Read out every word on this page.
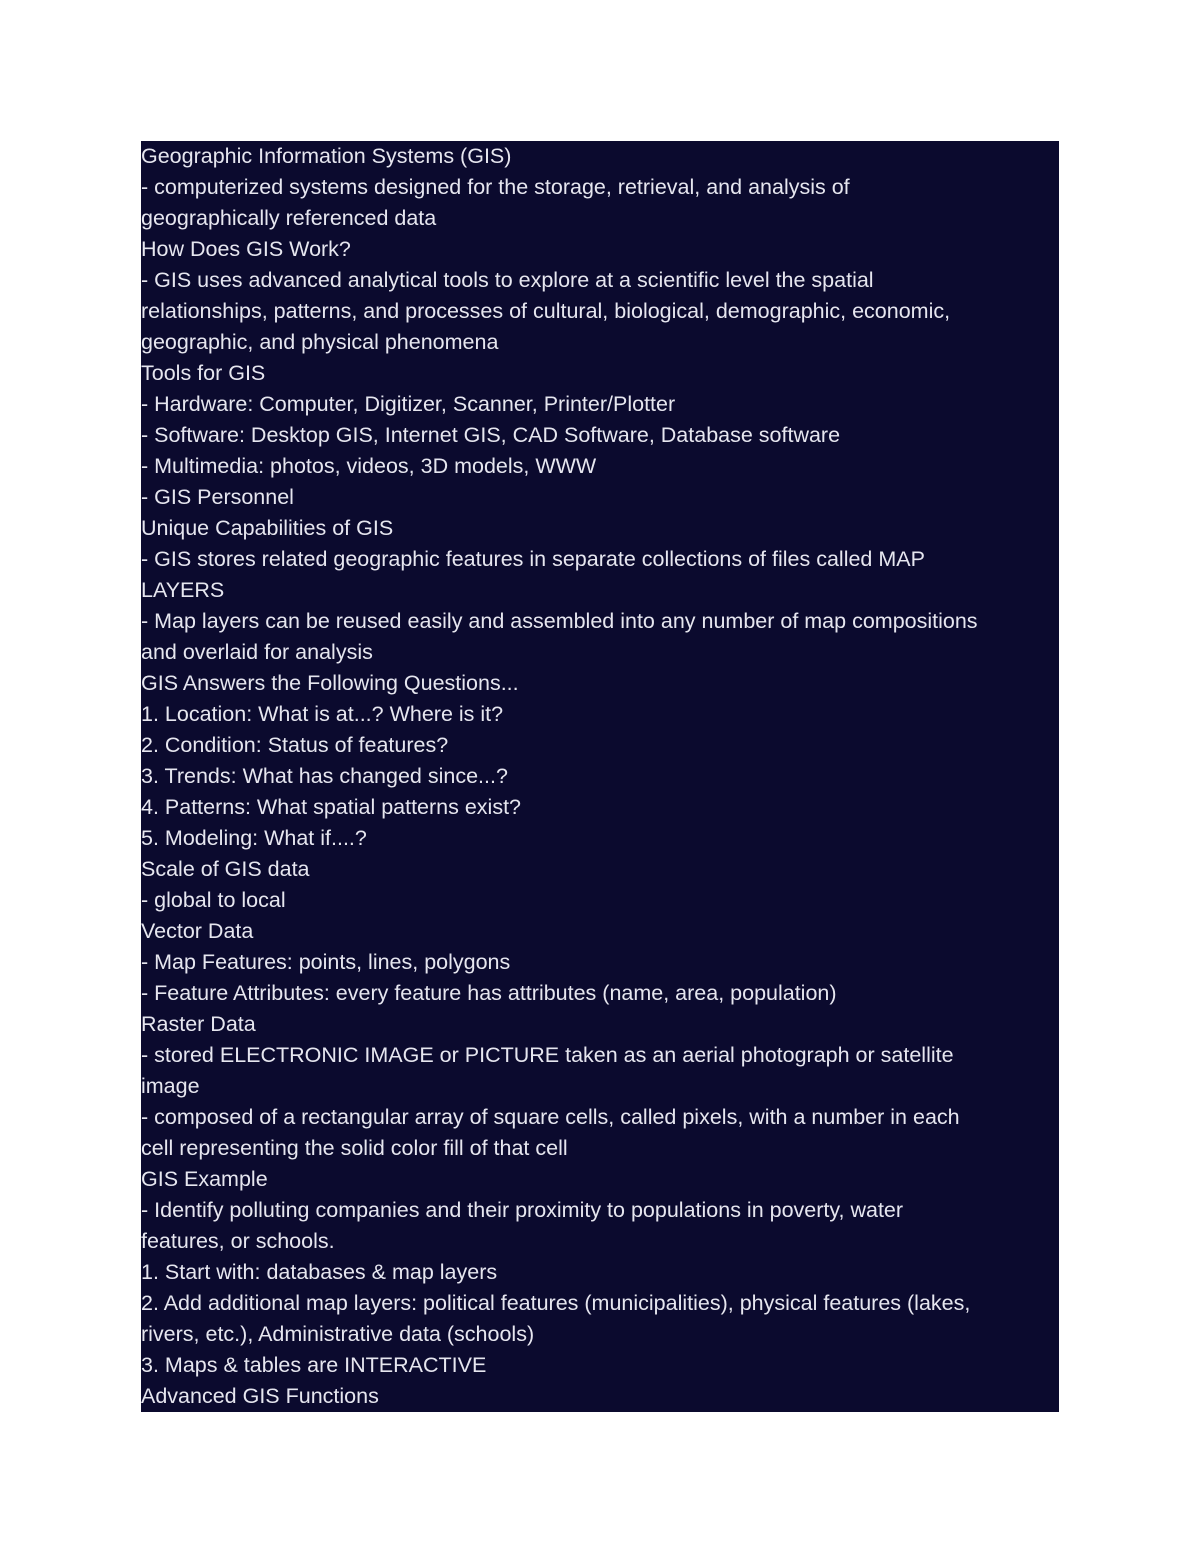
Geographic Information Systems (GIS)
- computerized systems designed for the storage, retrieval, and analysis of
geographically referenced data
How Does GIS Work?
- GIS uses advanced analytical tools to explore at a scientific level the spatial
relationships, patterns, and processes of cultural, biological, demographic, economic,
geographic, and physical phenomena
Tools for GIS
- Hardware: Computer, Digitizer, Scanner, Printer/Plotter
- Software: Desktop GIS, Internet GIS, CAD Software, Database software
- Multimedia: photos, videos, 3D models, WWW
- GIS Personnel
Unique Capabilities of GIS
- GIS stores related geographic features in separate collections of files called MAP
LAYERS
- Map layers can be reused easily and assembled into any number of map compositions
and overlaid for analysis
GIS Answers the Following Questions...
1. Location: What is at...? Where is it?
2. Condition: Status of features?
3. Trends: What has changed since...?
4. Patterns: What spatial patterns exist?
5. Modeling: What if....?
Scale of GIS data
- global to local
Vector Data
- Map Features: points, lines, polygons
- Feature Attributes: every feature has attributes (name, area, population)
Raster Data
- stored ELECTRONIC IMAGE or PICTURE taken as an aerial photograph or satellite
image
- composed of a rectangular array of square cells, called pixels, with a number in each
cell representing the solid color fill of that cell
GIS Example
- Identify polluting companies and their proximity to populations in poverty, water
features, or schools.
1. Start with: databases & map layers
2. Add additional map layers: political features (municipalities), physical features (lakes,
rivers, etc.), Administrative data (schools)
3. Maps & tables are INTERACTIVE
Advanced GIS Functions
